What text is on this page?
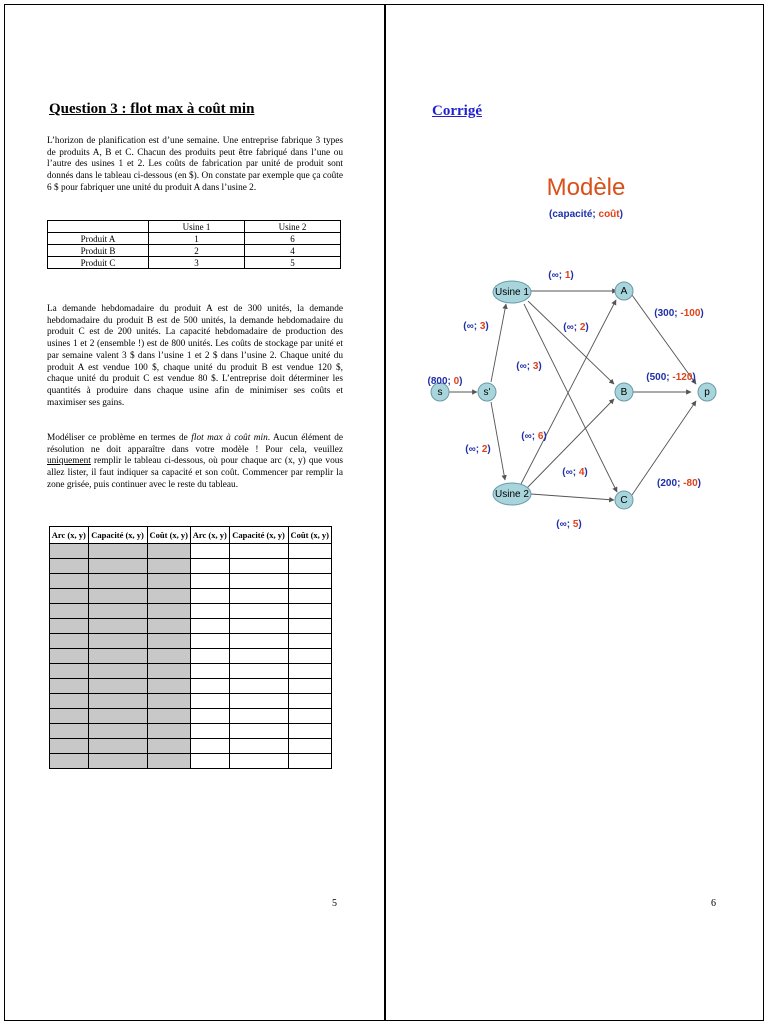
Question 3 : flot max à coût min
L’horizon de planification est d’une semaine. Une entreprise fabrique 3 types de produits A, B et C. Chacun des produits peut être fabriqué dans l’une ou l’autre des usines 1 et 2. Les coûts de fabrication par unité de produit sont donnés dans le tableau ci-dessous (en $). On constate par exemple que ça coûte 6 $ pour fabriquer une unité du produit A dans l’usine 2.
	Usine 1	Usine 2
Produit A	1	6
Produit B	2	4
Produit C	3	5
La demande hebdomadaire du produit A est de 300 unités, la demande hebdomadaire du produit B est de 500 unités, la demande hebdomadaire du produit C est de 200 unités. La capacité hebdomadaire de production des usines 1 et 2 (ensemble !) est de 800 unités. Les coûts de stockage par unité et par semaine valent 3 $ dans l’usine 1 et 2 $ dans l’usine 2. Chaque unité du produit A est vendue 100 $, chaque unité du produit B est vendue 120 $, chaque unité du produit C est vendue 80 $. L’entreprise doit déterminer les quantités à produire dans chaque usine afin de minimiser ses coûts et maximiser ses gains.
Modéliser ce problème en termes de flot max à coût min. Aucun élément de résolution ne doit apparaître dans votre modèle ! Pour cela, veuillez uniquement remplir le tableau ci-dessous, où pour chaque arc (x, y) que vous allez lister, il faut indiquer sa capacité et son coût. Commencer par remplir la zone grisée, puis continuer avec le reste du tableau.
Arc (x, y)	Capacité (x, y)	Coût (x, y)	Arc (x, y)	Capacité (x, y)	Coût (x, y)

5
Corrigé
Modèle
(capacité; coût)
s	s'
Usine 1
Usine 2
A
B
C
p
(800; 0)
(∞; 3)
(∞; 2)
(∞; 1)
(∞; 2)
(∞; 3)
(∞; 6)
(∞; 4)
(∞; 5)
(300; -100)
(500; -120)
(200; -80)
6
